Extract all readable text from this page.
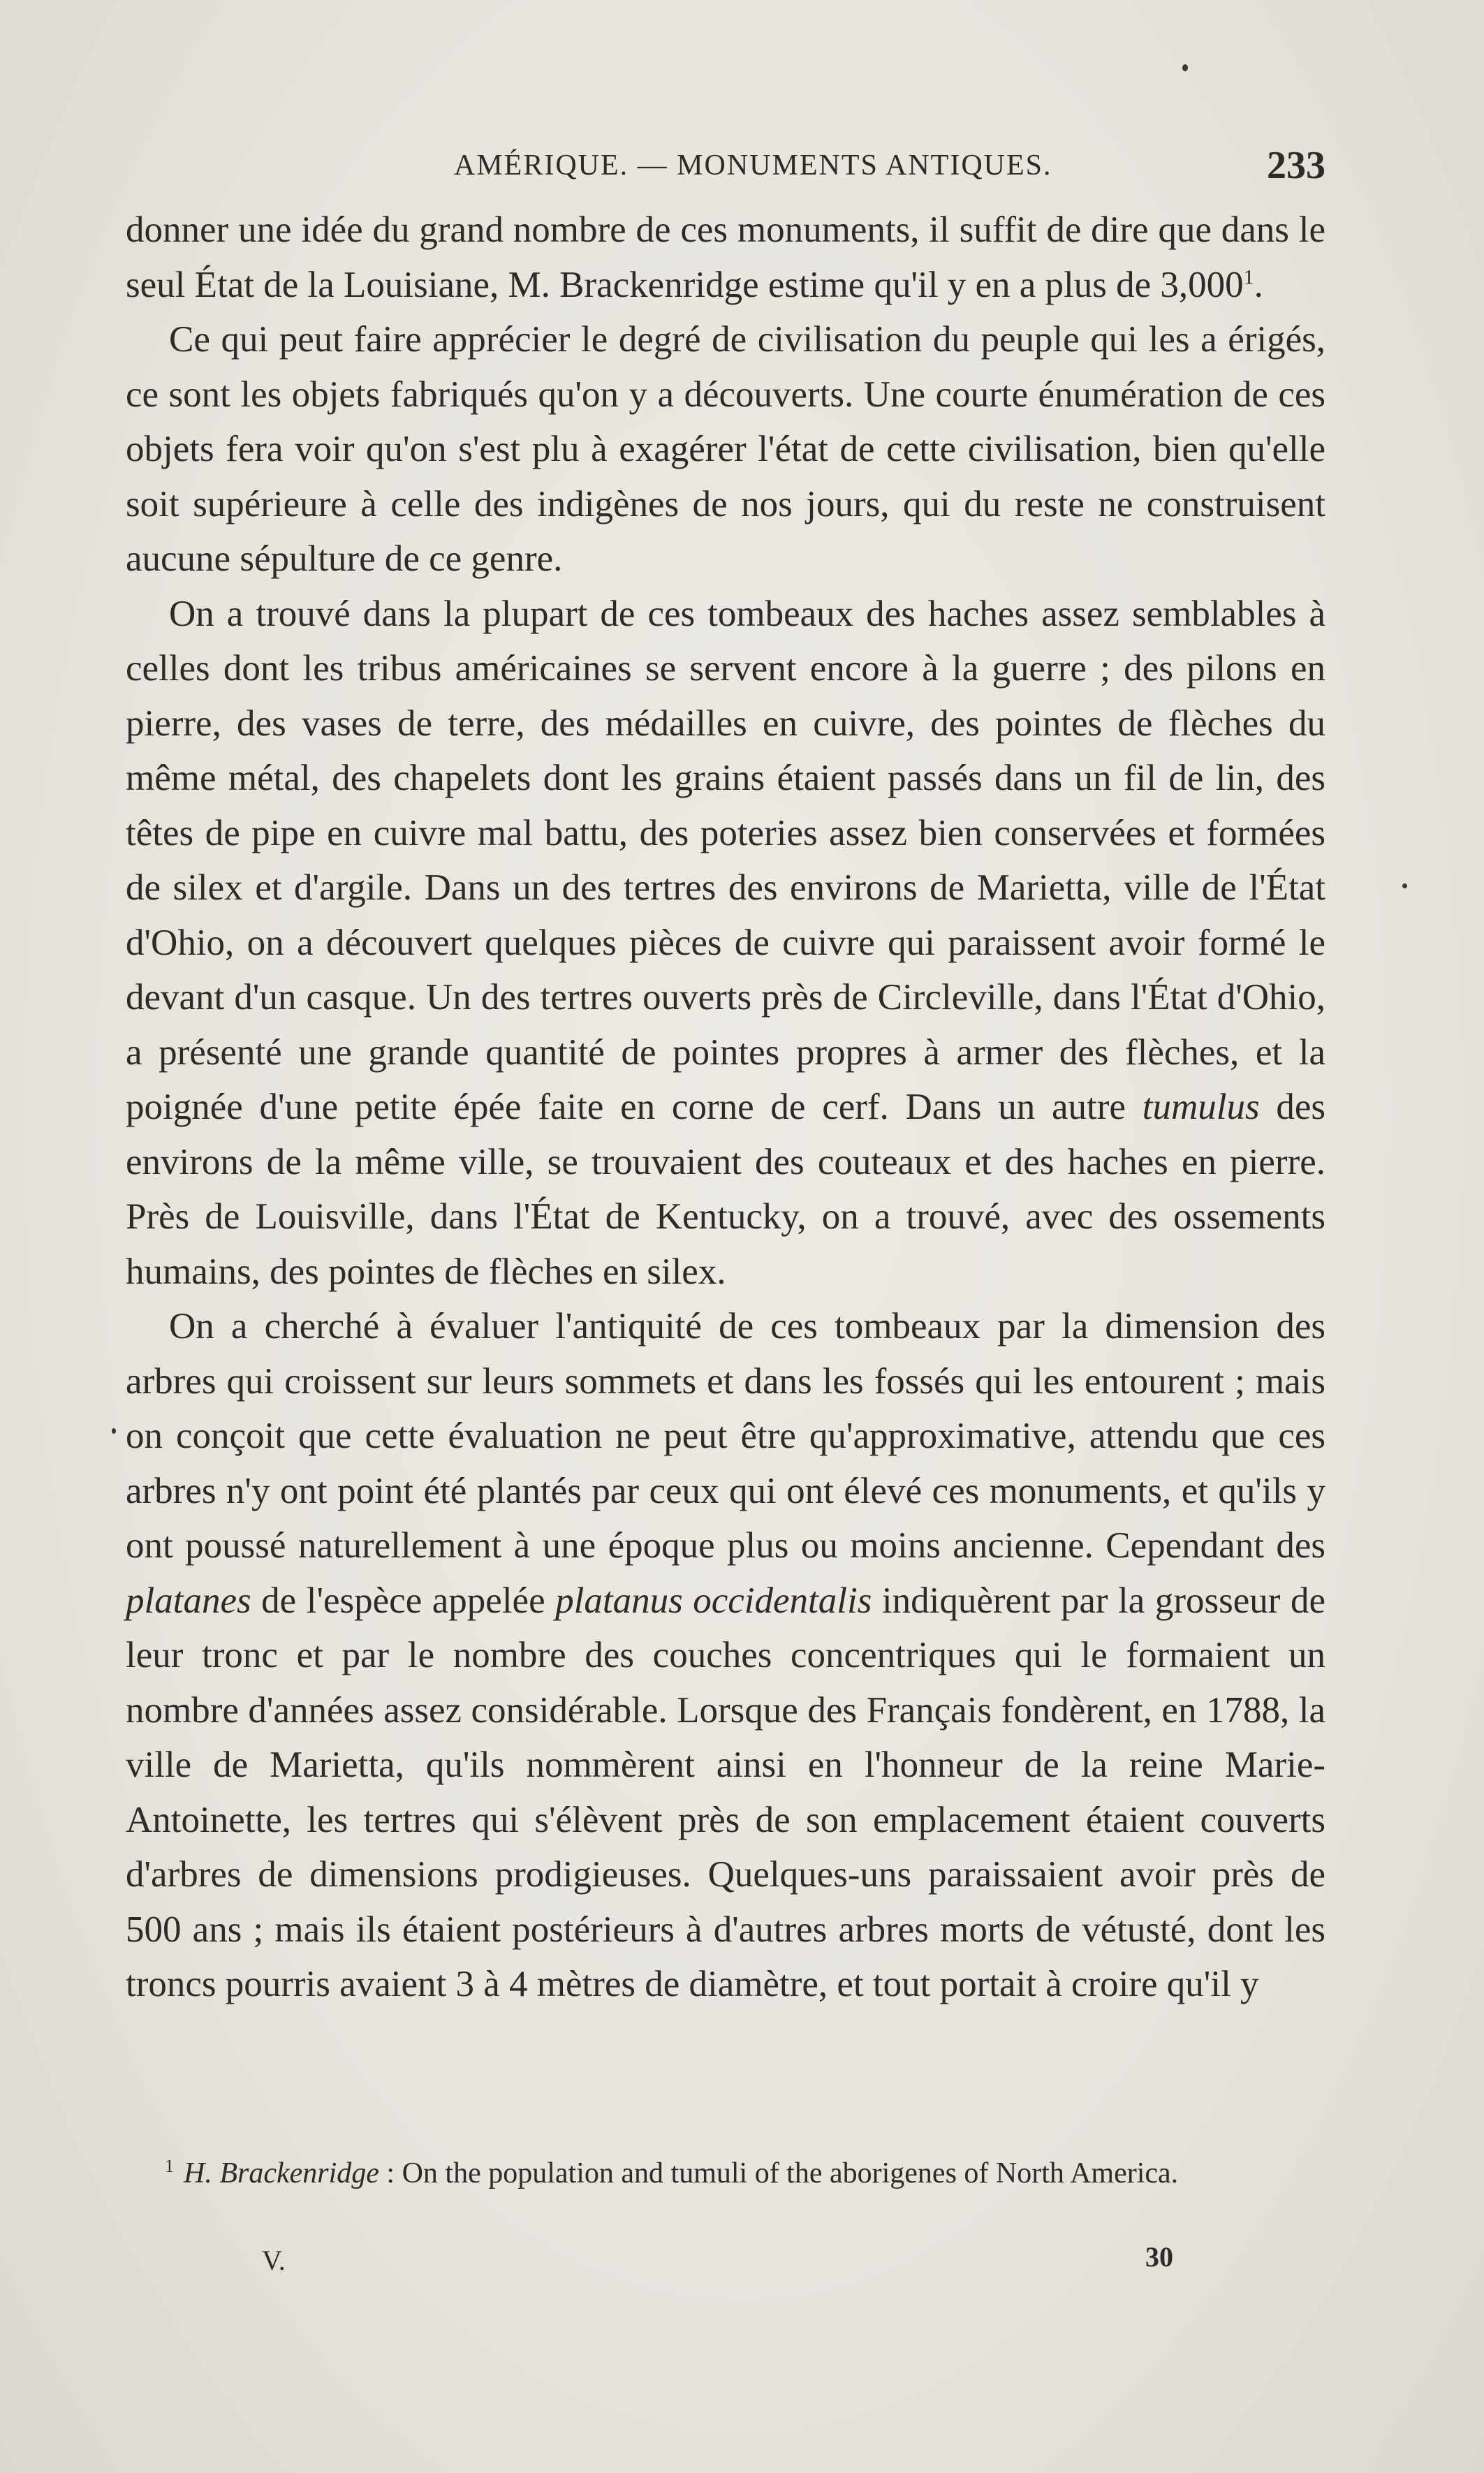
AMÉRIQUE. — MONUMENTS ANTIQUES.	233

donner une idée du grand nombre de ces monuments, il suffit de dire que dans le seul État de la Louisiane, M. Brackenridge estime qu'il y en a plus de 3,000$^1$.

Ce qui peut faire apprécier le degré de civilisation du peuple qui les a érigés, ce sont les objets fabriqués qu'on y a découverts. Une courte énumération de ces objets fera voir qu'on s'est plu à exagérer l'état de cette civilisation, bien qu'elle soit supérieure à celle des indigènes de nos jours, qui du reste ne construisent aucune sépulture de ce genre.

On a trouvé dans la plupart de ces tombeaux des haches assez semblables à celles dont les tribus américaines se servent encore à la guerre ; des pilons en pierre, des vases de terre, des médailles en cuivre, des pointes de flèches du même métal, des chapelets dont les grains étaient passés dans un fil de lin, des têtes de pipe en cuivre mal battu, des poteries assez bien conservées et formées de silex et d'argile. Dans un des tertres des environs de Marietta, ville de l'État d'Ohio, on a découvert quelques pièces de cuivre qui paraissent avoir formé le devant d'un casque. Un des tertres ouverts près de Circleville, dans l'État d'Ohio, a présenté une grande quantité de pointes propres à armer des flèches, et la poignée d'une petite épée faite en corne de cerf. Dans un autre tumulus des environs de la même ville, se trouvaient des couteaux et des haches en pierre. Près de Louisville, dans l'État de Kentucky, on a trouvé, avec des ossements humains, des pointes de flèches en silex.

On a cherché à évaluer l'antiquité de ces tombeaux par la dimension des arbres qui croissent sur leurs sommets et dans les fossés qui les entourent ; mais on conçoit que cette évaluation ne peut être qu'approximative, attendu que ces arbres n'y ont point été plantés par ceux qui ont élevé ces monuments, et qu'ils y ont poussé naturellement à une époque plus ou moins ancienne. Cependant des platanes de l'espèce appelée platanus occidentalis indiquèrent par la grosseur de leur tronc et par le nombre des couches concentriques qui le formaient un nombre d'années assez considérable. Lorsque des Français fondèrent, en 1788, la ville de Marietta, qu'ils nommèrent ainsi en l'honneur de la reine Marie-Antoinette, les tertres qui s'élèvent près de son emplacement étaient couverts d'arbres de dimensions prodigieuses. Quelques-uns paraissaient avoir près de 500 ans ; mais ils étaient postérieurs à d'autres arbres morts de vétusté, dont les troncs pourris avaient 3 à 4 mètres de diamètre, et tout portait à croire qu'il y

$^1$ H. Brackenridge : On the population and tumuli of the aborigenes of North America.
V.	30
